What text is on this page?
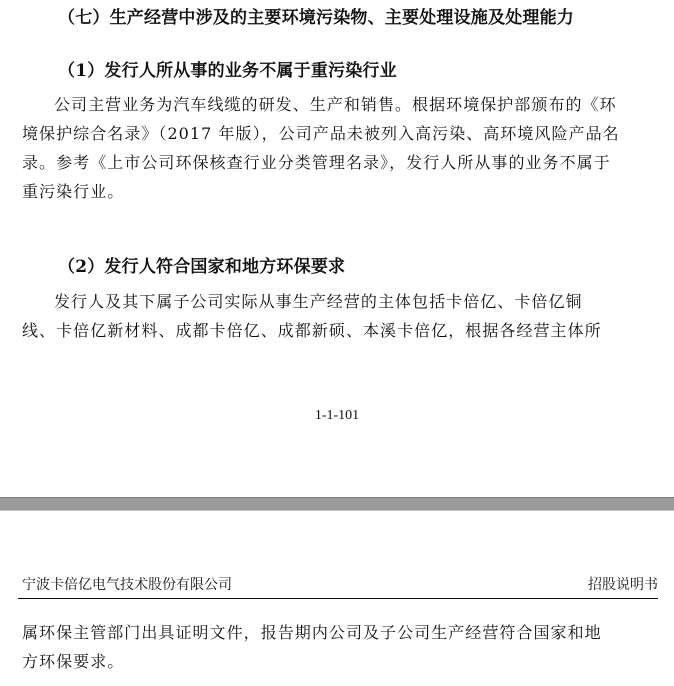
（七）生产经营中涉及的主要环境污染物、主要处理设施及处理能力
（1）发行人所从事的业务不属于重污染行业
公司主营业务为汽车线缆的研发、生产和销售。根据环境保护部颁布的《环
境保护综合名录》（2017 年版），公司产品未被列入高污染、高环境风险产品名
录。参考《上市公司环保核查行业分类管理名录》，发行人所从事的业务不属于
重污染行业。
（2）发行人符合国家和地方环保要求
发行人及其下属子公司实际从事生产经营的主体包括卡倍亿、卡倍亿铜
线、卡倍亿新材料、成都卡倍亿、成都新硕、本溪卡倍亿，根据各经营主体所
1-1-101
宁波卡倍亿电气技术股份有限公司	招股说明书
属环保主管部门出具证明文件，报告期内公司及子公司生产经营符合国家和地
方环保要求。
